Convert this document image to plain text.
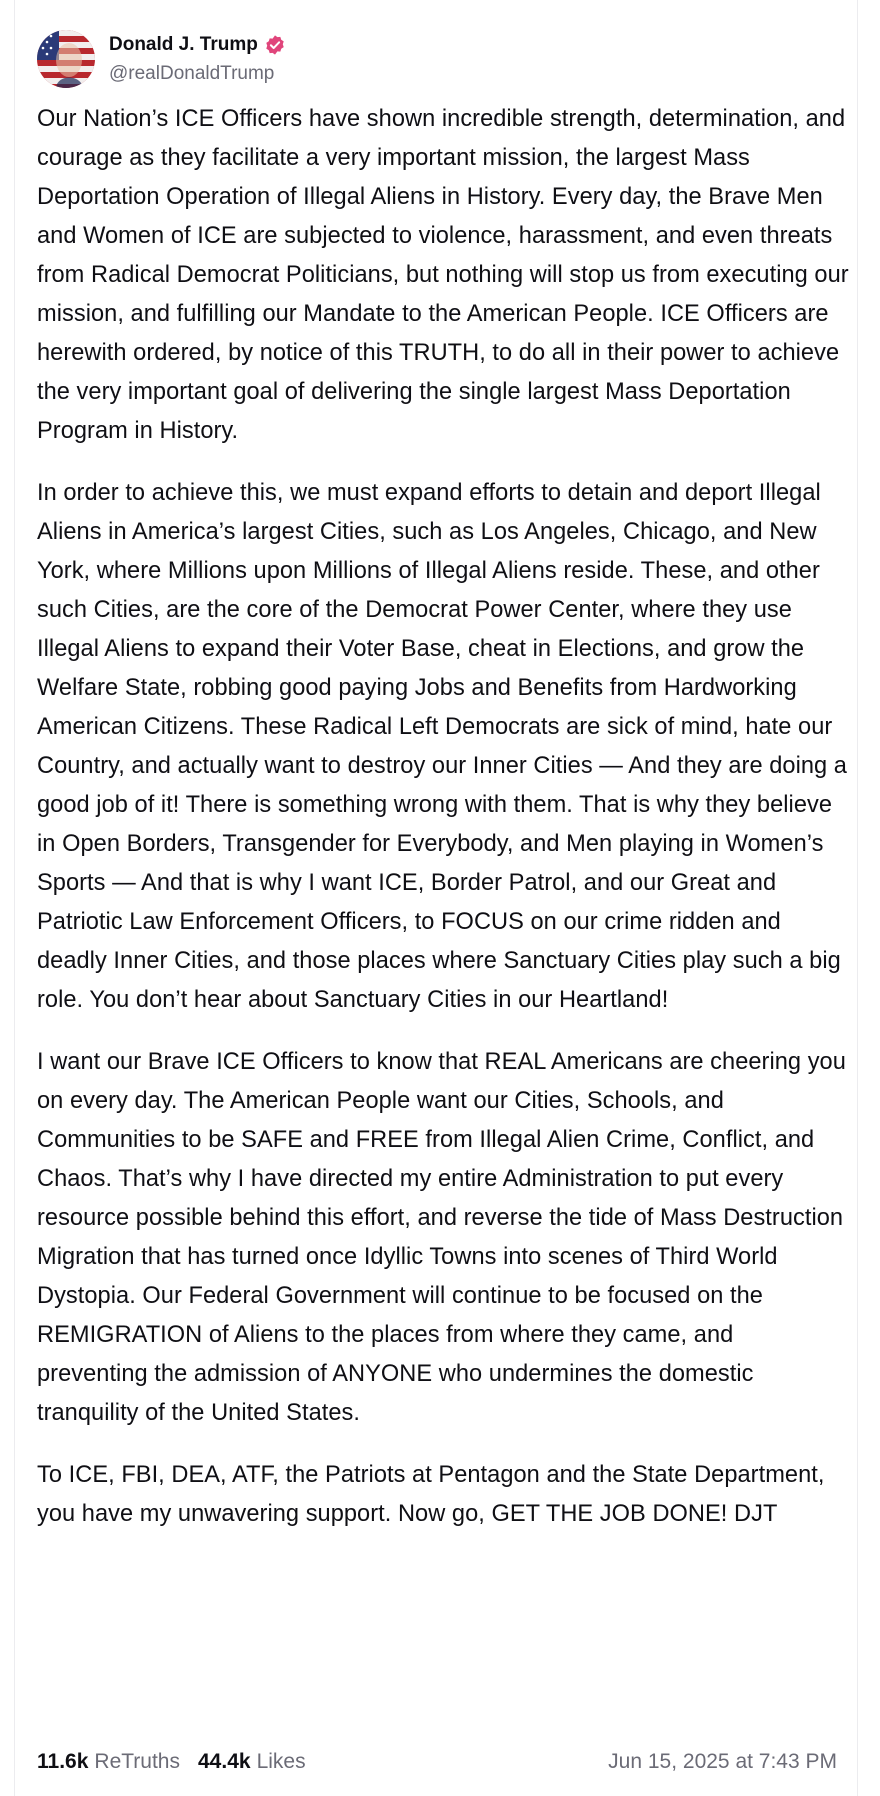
Donald J. Trump
@realDonaldTrump

Our Nation’s ICE Officers have shown incredible strength, determination, and courage as they facilitate a very important mission, the largest Mass Deportation Operation of Illegal Aliens in History. Every day, the Brave Men and Women of ICE are subjected to violence, harassment, and even threats from Radical Democrat Politicians, but nothing will stop us from executing our mission, and fulfilling our Mandate to the American People. ICE Officers are herewith ordered, by notice of this TRUTH, to do all in their power to achieve the very important goal of delivering the single largest Mass Deportation Program in History.

In order to achieve this, we must expand efforts to detain and deport Illegal Aliens in America’s largest Cities, such as Los Angeles, Chicago, and New York, where Millions upon Millions of Illegal Aliens reside. These, and other such Cities, are the core of the Democrat Power Center, where they use Illegal Aliens to expand their Voter Base, cheat in Elections, and grow the Welfare State, robbing good paying Jobs and Benefits from Hardworking American Citizens. These Radical Left Democrats are sick of mind, hate our Country, and actually want to destroy our Inner Cities — And they are doing a good job of it! There is something wrong with them. That is why they believe in Open Borders, Transgender for Everybody, and Men playing in Women’s Sports — And that is why I want ICE, Border Patrol, and our Great and Patriotic Law Enforcement Officers, to FOCUS on our crime ridden and deadly Inner Cities, and those places where Sanctuary Cities play such a big role. You don’t hear about Sanctuary Cities in our Heartland!

I want our Brave ICE Officers to know that REAL Americans are cheering you on every day. The American People want our Cities, Schools, and Communities to be SAFE and FREE from Illegal Alien Crime, Conflict, and Chaos. That’s why I have directed my entire Administration to put every resource possible behind this effort, and reverse the tide of Mass Destruction Migration that has turned once Idyllic Towns into scenes of Third World Dystopia. Our Federal Government will continue to be focused on the REMIGRATION of Aliens to the places from where they came, and preventing the admission of ANYONE who undermines the domestic tranquility of the United States.

To ICE, FBI, DEA, ATF, the Patriots at Pentagon and the State Department, you have my unwavering support. Now go, GET THE JOB DONE! DJT

11.6k ReTruths 44.4k Likes	Jun 15, 2025 at 7:43 PM
